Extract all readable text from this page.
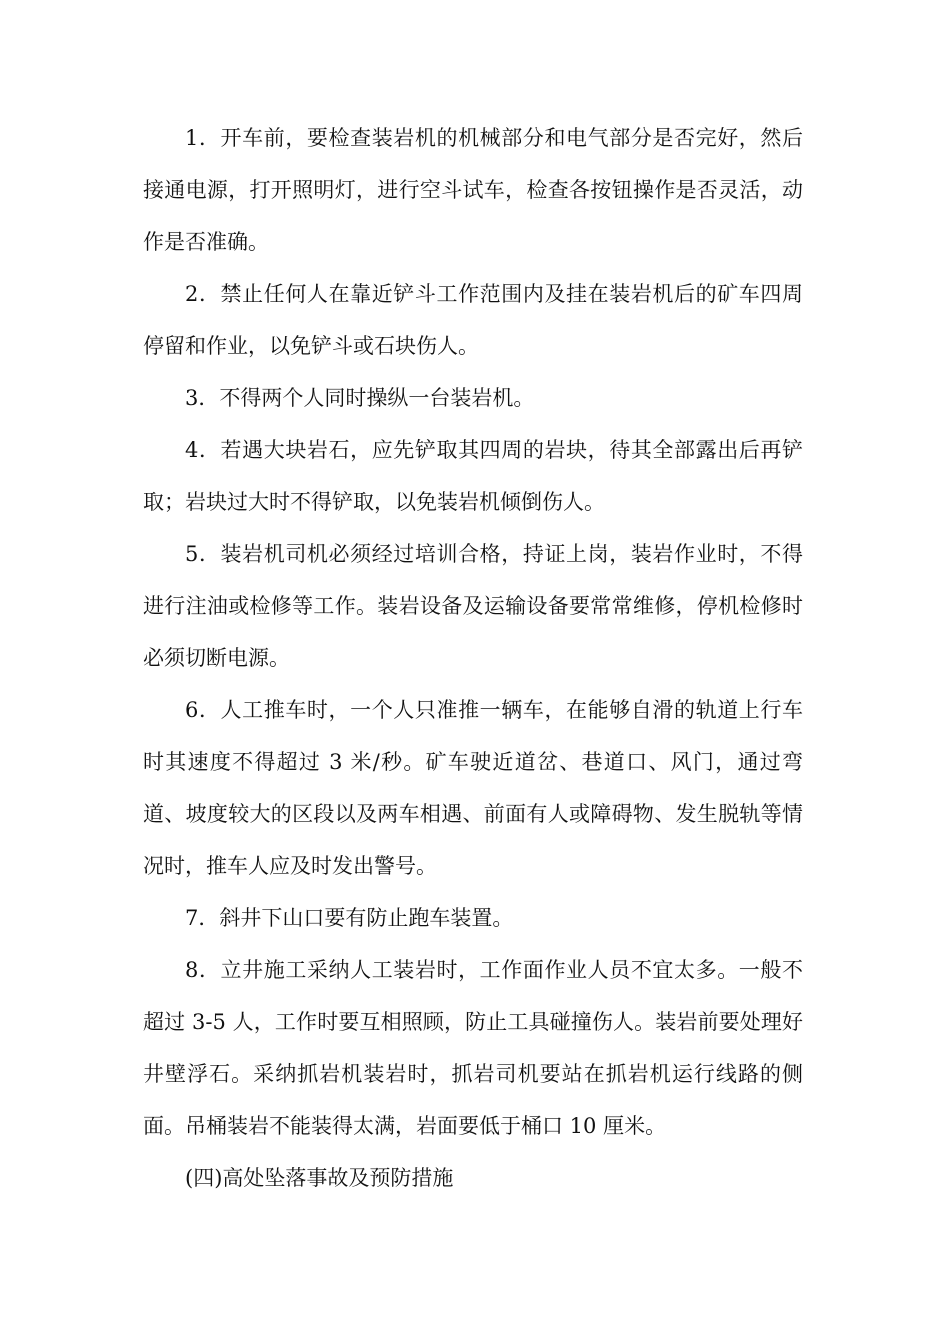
1．开车前，要检查装岩机的机械部分和电气部分是否完好，然后接通电源，打开照明灯，进行空斗试车，检查各按钮操作是否灵活，动作是否准确。

2．禁止任何人在靠近铲斗工作范围内及挂在装岩机后的矿车四周停留和作业，以免铲斗或石块伤人。

3．不得两个人同时操纵一台装岩机。

4．若遇大块岩石，应先铲取其四周的岩块，待其全部露出后再铲取；岩块过大时不得铲取，以免装岩机倾倒伤人。

5．装岩机司机必须经过培训合格，持证上岗，装岩作业时，不得进行注油或检修等工作。装岩设备及运输设备要常常维修，停机检修时必须切断电源。

6．人工推车时，一个人只准推一辆车，在能够自滑的轨道上行车时其速度不得超过 3 米/秒。矿车驶近道岔、巷道口、风门，通过弯道、坡度较大的区段以及两车相遇、前面有人或障碍物、发生脱轨等情况时，推车人应及时发出警号。

7．斜井下山口要有防止跑车装置。

8．立井施工采纳人工装岩时，工作面作业人员不宜太多。一般不超过 3-5 人，工作时要互相照顾，防止工具碰撞伤人。装岩前要处理好井壁浮石。采纳抓岩机装岩时，抓岩司机要站在抓岩机运行线路的侧面。吊桶装岩不能装得太满，岩面要低于桶口 10 厘米。

(四)高处坠落事故及预防措施
